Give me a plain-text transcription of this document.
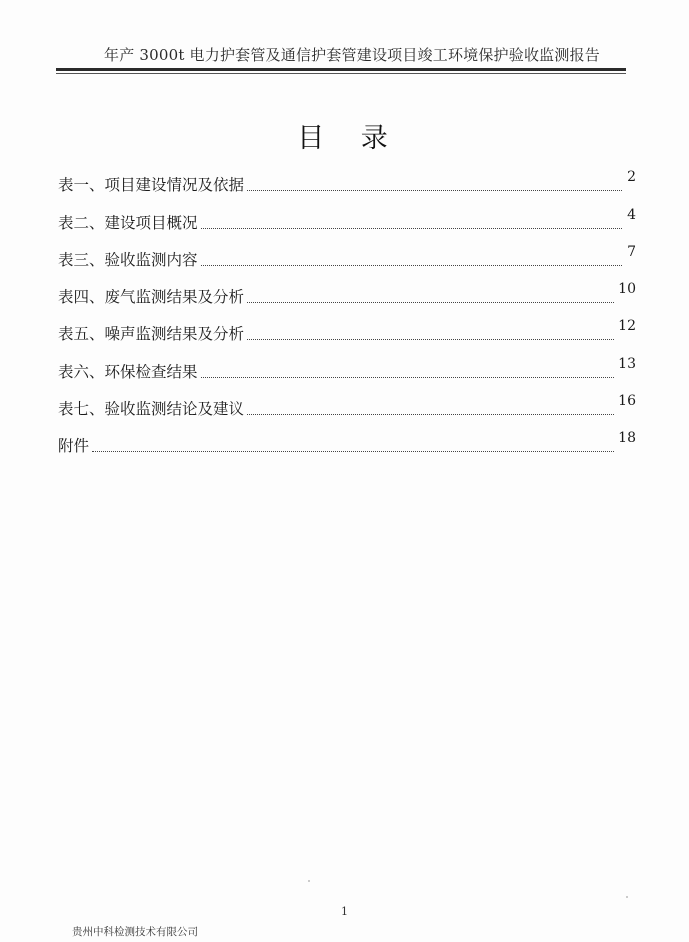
年产 3000t 电力护套管及通信护套管建设项目竣工环境保护验收监测报告
目 录
表一、项目建设情况及依据	2
表二、建设项目概况	4
表三、验收监测内容	7
表四、废气监测结果及分析	10
表五、噪声监测结果及分析	12
表六、环保检查结果	13
表七、验收监测结论及建议	16
附件	18
1
贵州中科检测技术有限公司
